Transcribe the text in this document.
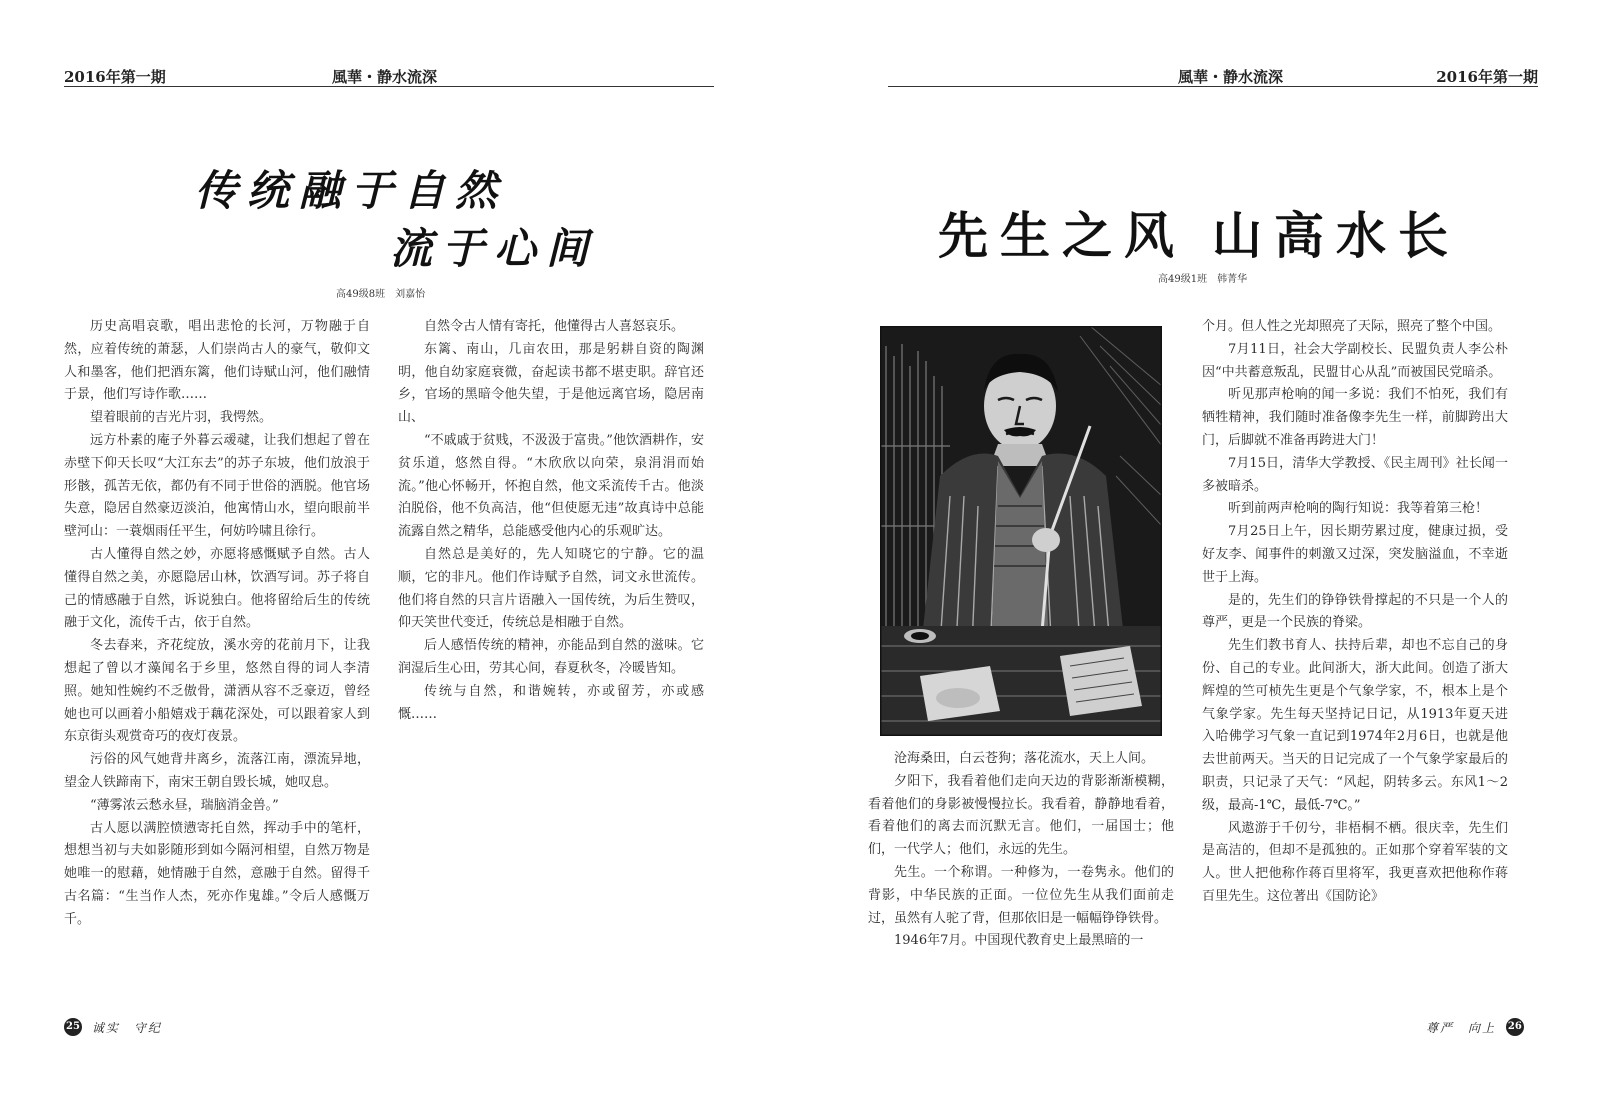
2016年第一期	風華・静水流深
传统融于自然
流于心间
高49级8班　刘嘉怡

历史高唱哀歌，唱出悲怆的长河，万物融于自然，应着传统的萧瑟，人们崇尚古人的豪气，敬仰文人和墨客，他们把酒东篱，他们诗赋山河，他们融情于景，他们写诗作歌……

望着眼前的吉光片羽，我愕然。

远方朴素的庵子外暮云叆叇，让我们想起了曾在赤壁下仰天长叹“大江东去”的苏子东坡，他们放浪于形骸，孤苦无依，都仍有不同于世俗的洒脱。他官场失意，隐居自然豪迈淡泊，他寓情山水，望向眼前半壁河山：一蓑烟雨任平生，何妨吟啸且徐行。

古人懂得自然之妙，亦愿将感慨赋予自然。古人懂得自然之美，亦愿隐居山林，饮酒写词。苏子将自己的情感融于自然，诉说独白。他将留给后生的传统融于文化，流传千古，依于自然。

冬去春来，齐花绽放，溪水旁的花前月下，让我想起了曾以才藻闻名于乡里，悠然自得的词人李清照。她知性婉约不乏傲骨，潇洒从容不乏豪迈，曾经她也可以画着小船嬉戏于藕花深处，可以跟着家人到东京街头观赏奇巧的夜灯夜景。

污俗的风气她背井离乡，流落江南，漂流异地，望金人铁蹄南下，南宋王朝自毁长城，她叹息。

“薄雾浓云愁永昼，瑞脑消金兽。”

古人愿以满腔愤懑寄托自然，挥动手中的笔杆，想想当初与夫如影随形到如今隔河相望，自然万物是她唯一的慰藉，她情融于自然，意融于自然。留得千古名篇：“生当作人杰，死亦作鬼雄。”令后人感慨万千。

自然令古人情有寄托，他懂得古人喜怒哀乐。

东篱、南山，几亩农田，那是躬耕自资的陶渊明，他自幼家庭衰微，奋起读书都不堪吏职。辞官还乡，官场的黑暗令他失望，于是他远离官场，隐居南山、

“不戚戚于贫贱，不汲汲于富贵。”他饮酒耕作，安贫乐道，悠然自得。“木欣欣以向荣，泉涓涓而始流。”他心怀畅开，怀抱自然，他文采流传千古。他淡泊脱俗，他不负高洁，他“但使愿无违”故真诗中总能流露自然之精华，总能感受他内心的乐观旷达。

自然总是美好的，先人知晓它的宁静。它的温顺，它的非凡。他们作诗赋予自然，词文永世流传。他们将自然的只言片语融入一国传统，为后生赞叹，仰天笑世代变迁，传统总是相融于自然。

后人感悟传统的精神，亦能品到自然的滋味。它润湿后生心田，劳其心间，春夏秋冬，冷暖皆知。

传统与自然，和谐婉转，亦或留芳，亦或感慨……

25 诚实　守纪
風華・静水流深	2016年第一期
先生之风 山高水长
高49级1班　韩菁华

沧海桑田，白云苍狗；落花流水，天上人间。

夕阳下，我看着他们走向天边的背影渐渐模糊，看着他们的身影被慢慢拉长。我看着，静静地看着，看着他们的离去而沉默无言。他们，一届国士；他们，一代学人；他们，永远的先生。

先生。一个称谓。一种修为，一卷隽永。他们的背影，中华民族的正面。一位位先生从我们面前走过，虽然有人驼了背，但那依旧是一幅幅铮铮铁骨。

1946年7月。中国现代教育史上最黑暗的一

个月。但人性之光却照亮了天际，照亮了整个中国。

7月11日，社会大学副校长、民盟负责人李公朴因“中共蓄意叛乱，民盟甘心从乱”而被国民党暗杀。

听见那声枪响的闻一多说：我们不怕死，我们有牺牲精神，我们随时准备像李先生一样，前脚跨出大门，后脚就不准备再跨进大门！

7月15日，清华大学教授、《民主周刊》社长闻一多被暗杀。

听到前两声枪响的陶行知说：我等着第三枪！

7月25日上午，因长期劳累过度，健康过损，受好友李、闻事件的刺激又过深，突发脑溢血，不幸逝世于上海。

是的，先生们的铮铮铁骨撑起的不只是一个人的尊严，更是一个民族的脊梁。

先生们教书育人、扶持后辈，却也不忘自己的身份、自己的专业。此间浙大，浙大此间。创造了浙大辉煌的竺可桢先生更是个气象学家，不，根本上是个气象学家。先生每天坚持记日记，从1913年夏天进入哈佛学习气象一直记到1974年2月6日，也就是他去世前两天。当天的日记完成了一个气象学家最后的职责，只记录了天气：“风起，阴转多云。东风1～2级，最高-1℃，最低-7℃。”

风遨游于千仞兮，非梧桐不栖。很庆幸，先生们是高洁的，但却不是孤独的。正如那个穿着军装的文人。世人把他称作蒋百里将军，我更喜欢把他称作蒋百里先生。这位著出《国防论》

尊严　向上 26
